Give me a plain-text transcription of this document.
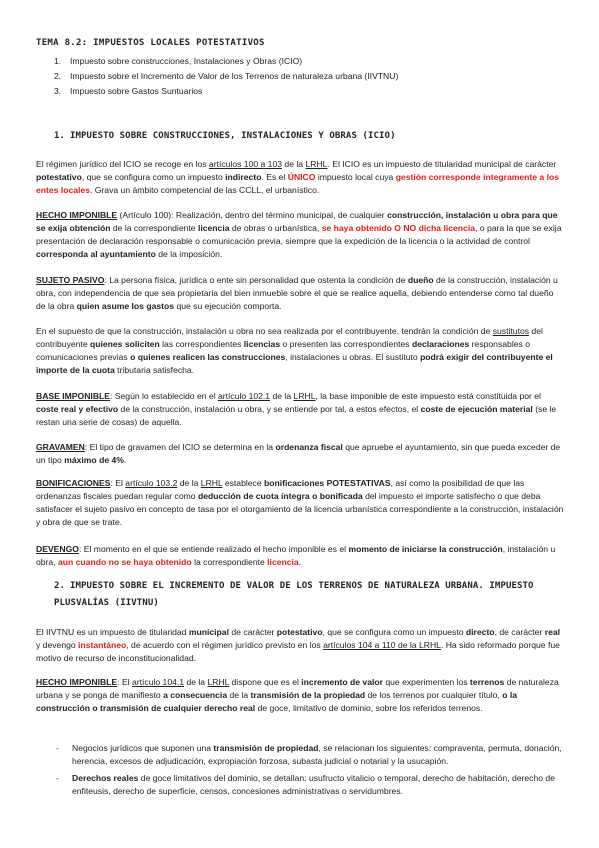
TEMA 8.2: IMPUESTOS LOCALES POTESTATIVOS
1. Impuesto sobre construcciones, Instalaciones y Obras (ICIO)
2. Impuesto sobre el Incremento de Valor de los Terrenos de naturaleza urbana (IIVTNU)
3. Impuesto sobre Gastos Suntuarios
1. IMPUESTO SOBRE CONSTRUCCIONES, INSTALACIONES Y OBRAS (ICIO)

El régimen jurídico del ICIO se recoge en los artículos 100 a 103 de la LRHL. El ICIO es un impuesto de titularidad municipal de carácter potestativo, que se configura como un impuesto indirecto. Es el ÚNICO impuesto local cuya gestión corresponde íntegramente a los entes locales. Grava un ámbito competencial de las CCLL, el urbanístico.

HECHO IMPONIBLE (Artículo 100): Realización, dentro del término municipal, de cualquier construcción, instalación u obra para que se exija obtención de la correspondiente licencia de obras o urbanística, se haya obtenido O NO dicha licencia, o para la que se exija presentación de declaración responsable o comunicación previa, siempre que la expedición de la licencia o la actividad de control corresponda al ayuntamiento de la imposición.

SUJETO PASIVO: La persona física, jurídica o ente sin personalidad que ostenta la condición de dueño de la construcción, instalación u obra, con independencia de que sea propietaria del bien inmueble sobre el que se realice aquella, debiendo entenderse como tal dueño de la obra quien asume los gastos que su ejecución comporta.

En el supuesto de que la construcción, instalación u obra no sea realizada por el contribuyente, tendrán la condición de sustitutos del contribuyente quienes soliciten las correspondientes licencias o presenten las correspondientes declaraciones responsables o comunicaciones previas o quienes realicen las construcciones, instalaciones u obras. El sustituto podrá exigir del contribuyente el importe de la cuota tributaria satisfecha.

BASE IMPONIBLE: Según lo establecido en el artículo 102.1 de la LRHL, la base imponible de este impuesto está constituida por el coste real y efectivo de la construcción, instalación u obra, y se entiende por tal, a estos efectos, el coste de ejecución material (se le restan una serie de cosas) de aquella.

GRAVAMEN: El tipo de gravamen del ICIO se determina en la ordenanza fiscal que apruebe el ayuntamiento, sin que pueda exceder de un tipo máximo de 4%.

BONIFICACIONES: El artículo 103.2 de la LRHL establece bonificaciones POTESTATIVAS, así como la posibilidad de que las ordenanzas fiscales puedan regular como deducción de cuota íntegra o bonificada del impuesto el importe satisfecho o que deba satisfacer el sujeto pasivo en concepto de tasa por el otorgamiento de la licencia urbanística correspondiente a la construcción, instalación y obra de que se trate.

DEVENGO: El momento en el que se entiende realizado el hecho imponible es el momento de iniciarse la construcción, instalación u obra, aun cuando no se haya obtenido la correspondiente licencia.

2. IMPUESTO SOBRE EL INCREMENTO DE VALOR DE LOS TERRENOS DE NATURALEZA URBANA. IMPUESTO PLUSVALÍAS (IIVTNU)

El IIVTNU es un impuesto de titularidad municipal de carácter potestativo, que se configura como un impuesto directo, de carácter real y devengo instantáneo, de acuerdo con el régimen jurídico previsto en los artículos 104 a 110 de la LRHL. Ha sido reformado porque fue motivo de recurso de inconstitucionalidad.

HECHO IMPONIBLE: El artículo 104.1 de la LRHL dispone que es el incremento de valor que experimenten los terrenos de naturaleza urbana y se ponga de manifiesto a consecuencia de la transmisión de la propiedad de los terrenos por cualquier título, o la construcción o transmisión de cualquier derecho real de goce, limitativo de dominio, sobre los referidos terrenos.

- Negocios jurídicos que suponen una transmisión de propiedad, se relacionan los siguientes: compraventa, permuta, donación, herencia, excesos de adjudicación, expropiación forzosa, subasta judicial o notarial y la usucapión.
- Derechos reales de goce limitativos del dominio, se detallan: usufructo vitalicio o temporal, derecho de habitación, derecho de enfiteusis, derecho de superficie, censos, concesiones administrativas o servidumbres.
